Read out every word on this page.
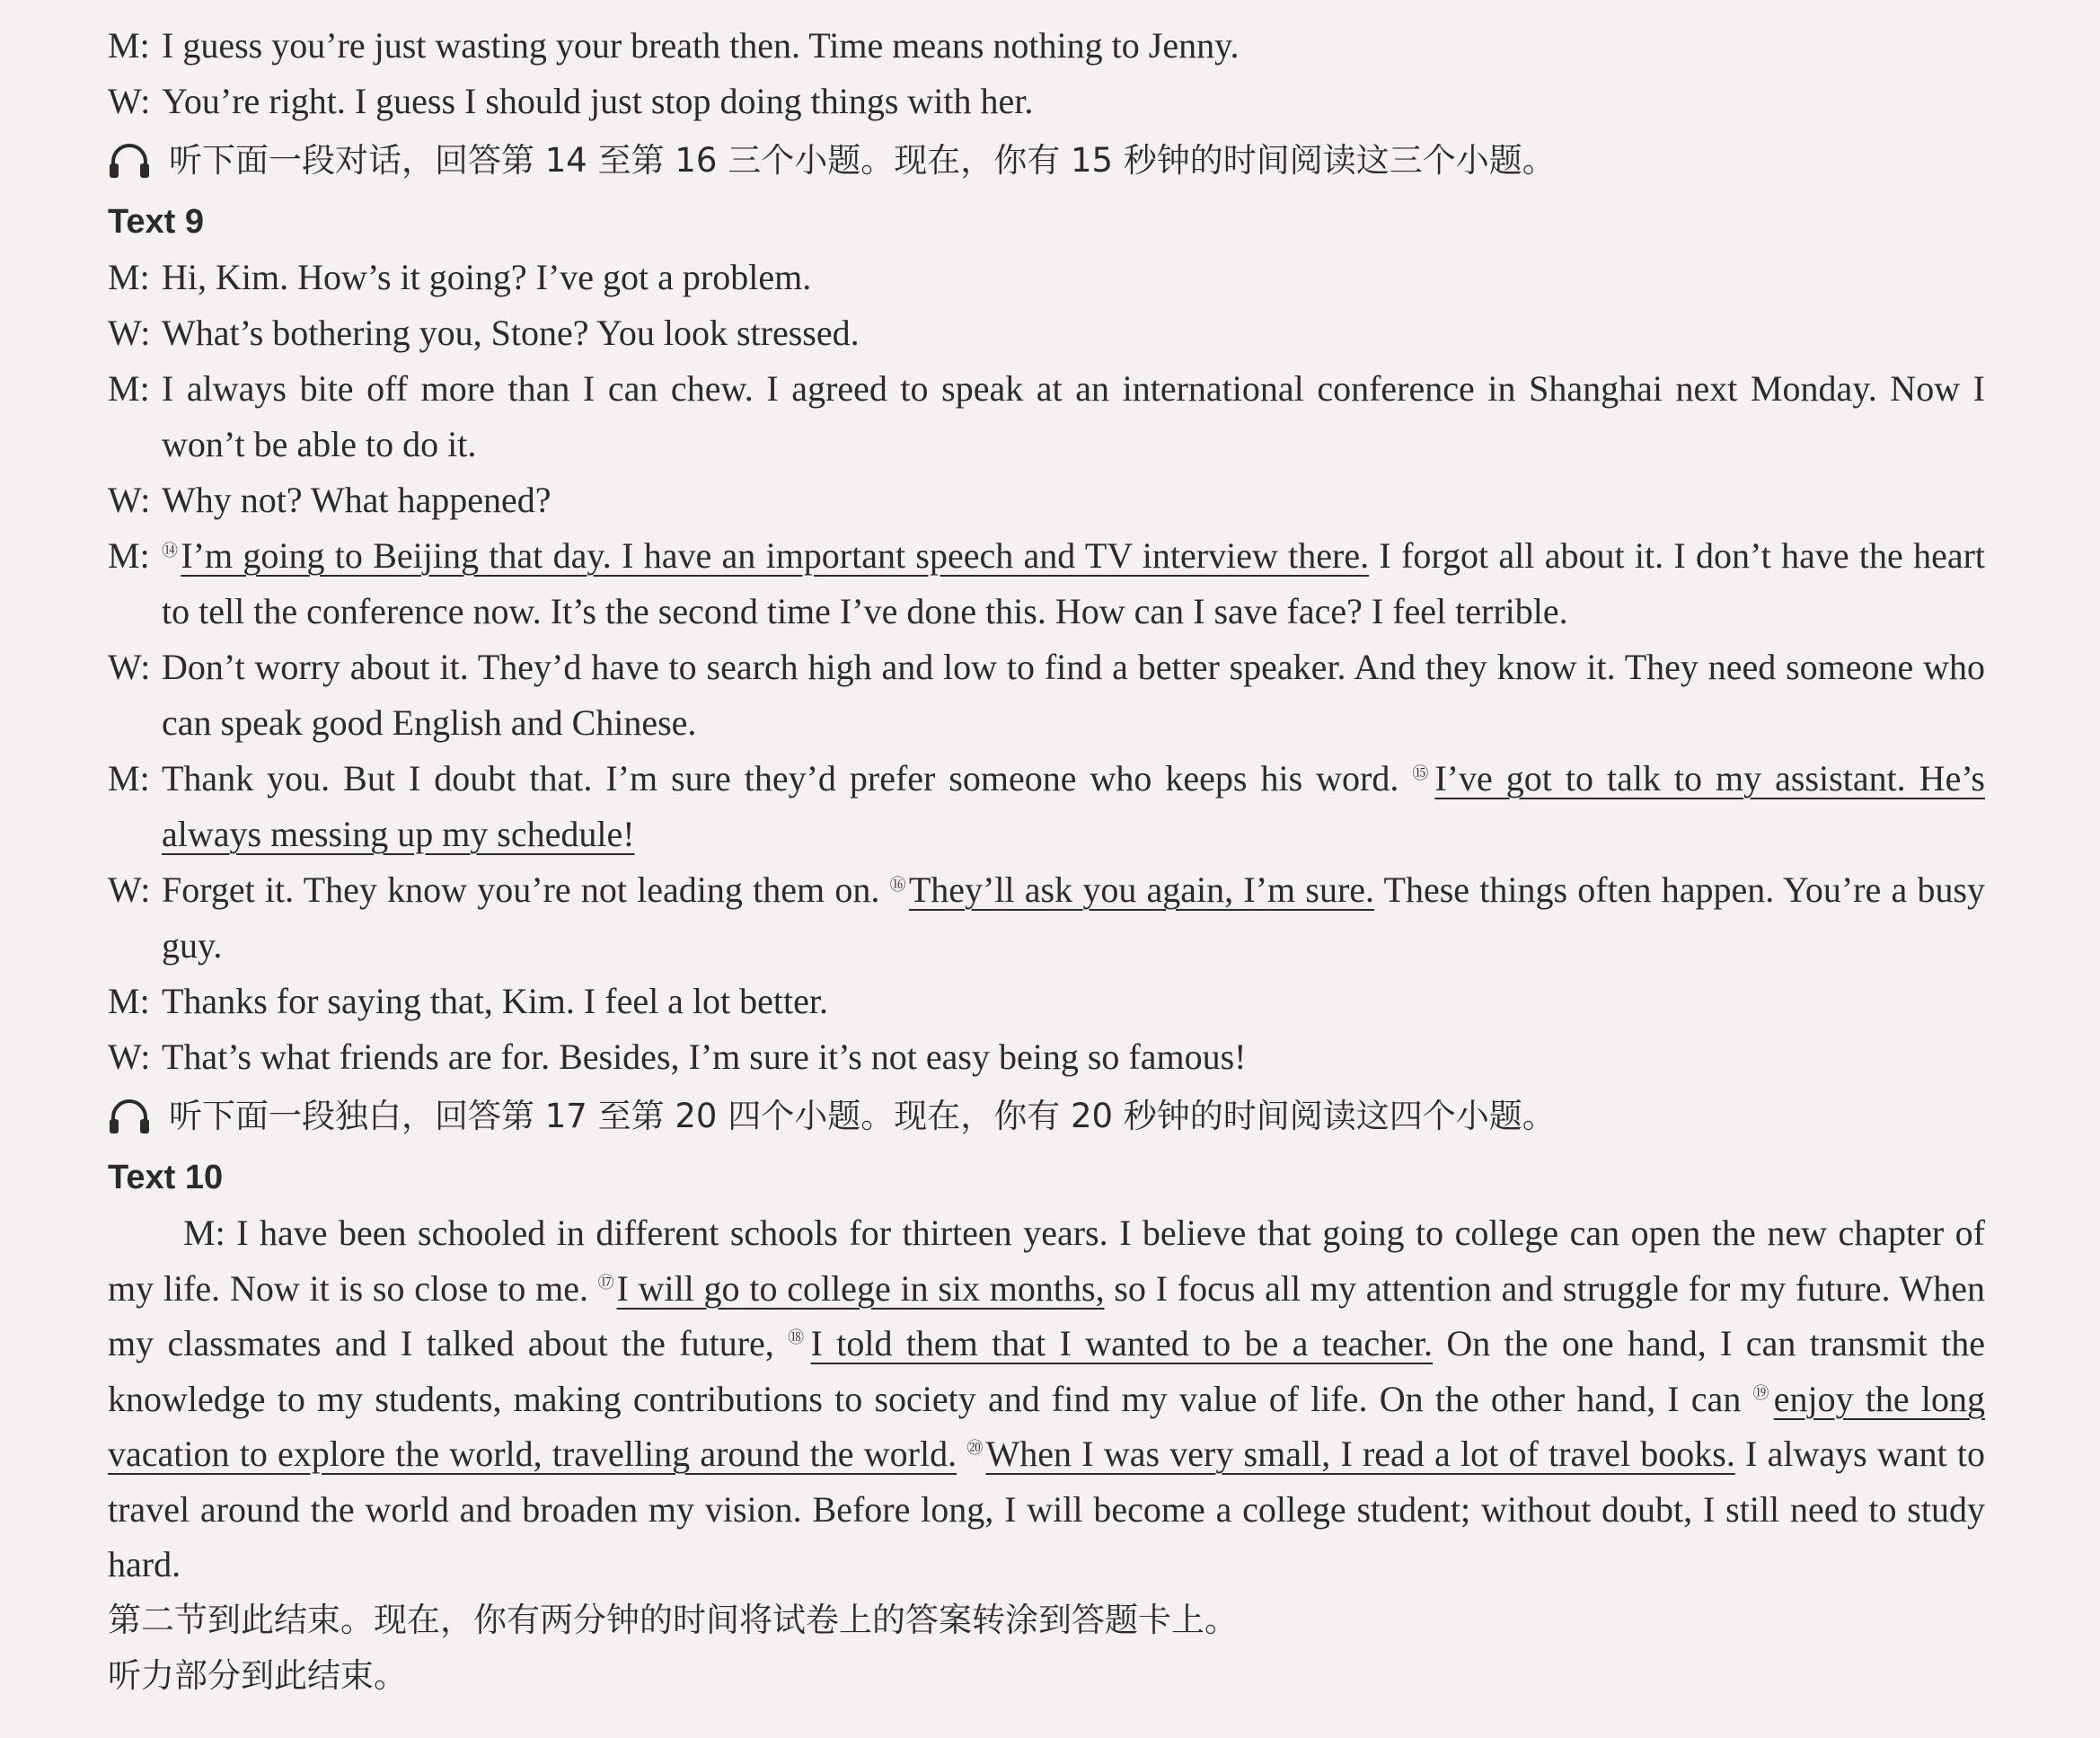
M: I guess you’re just wasting your breath then. Time means nothing to Jenny.
W: You’re right. I guess I should just stop doing things with her.
听下面一段对话，回答第 14 至第 16 三个小题。现在，你有 15 秒钟的时间阅读这三个小题。
Text 9
M: Hi, Kim. How’s it going? I’ve got a problem.
W: What’s bothering you, Stone? You look stressed.
M: I always bite off more than I can chew. I agreed to speak at an international conference in Shanghai next Monday. Now I won’t be able to do it.
W: Why not? What happened?
M: ⑭I’m going to Beijing that day. I have an important speech and TV interview there. I forgot all about it. I don’t have the heart to tell the conference now. It’s the second time I’ve done this. How can I save face? I feel terrible.
W: Don’t worry about it. They’d have to search high and low to find a better speaker. And they know it. They need someone who can speak good English and Chinese.
M: Thank you. But I doubt that. I’m sure they’d prefer someone who keeps his word. ⑮I’ve got to talk to my assistant. He’s always messing up my schedule!
W: Forget it. They know you’re not leading them on. ⑯They’ll ask you again, I’m sure. These things often happen. You’re a busy guy.
M: Thanks for saying that, Kim. I feel a lot better.
W: That’s what friends are for. Besides, I’m sure it’s not easy being so famous!
听下面一段独白，回答第 17 至第 20 四个小题。现在，你有 20 秒钟的时间阅读这四个小题。
Text 10
M: I have been schooled in different schools for thirteen years. I believe that going to college can open the new chapter of my life. Now it is so close to me. ⑰I will go to college in six months, so I focus all my attention and struggle for my future. When my classmates and I talked about the future, ⑱I told them that I wanted to be a teacher. On the one hand, I can transmit the knowledge to my students, making contributions to society and find my value of life. On the other hand, I can ⑲enjoy the long vacation to explore the world, travelling around the world. ⑳When I was very small, I read a lot of travel books. I always want to travel around the world and broaden my vision. Before long, I will become a college student; without doubt, I still need to study hard.
第二节到此结束。现在，你有两分钟的时间将试卷上的答案转涂到答题卡上。
听力部分到此结束。
